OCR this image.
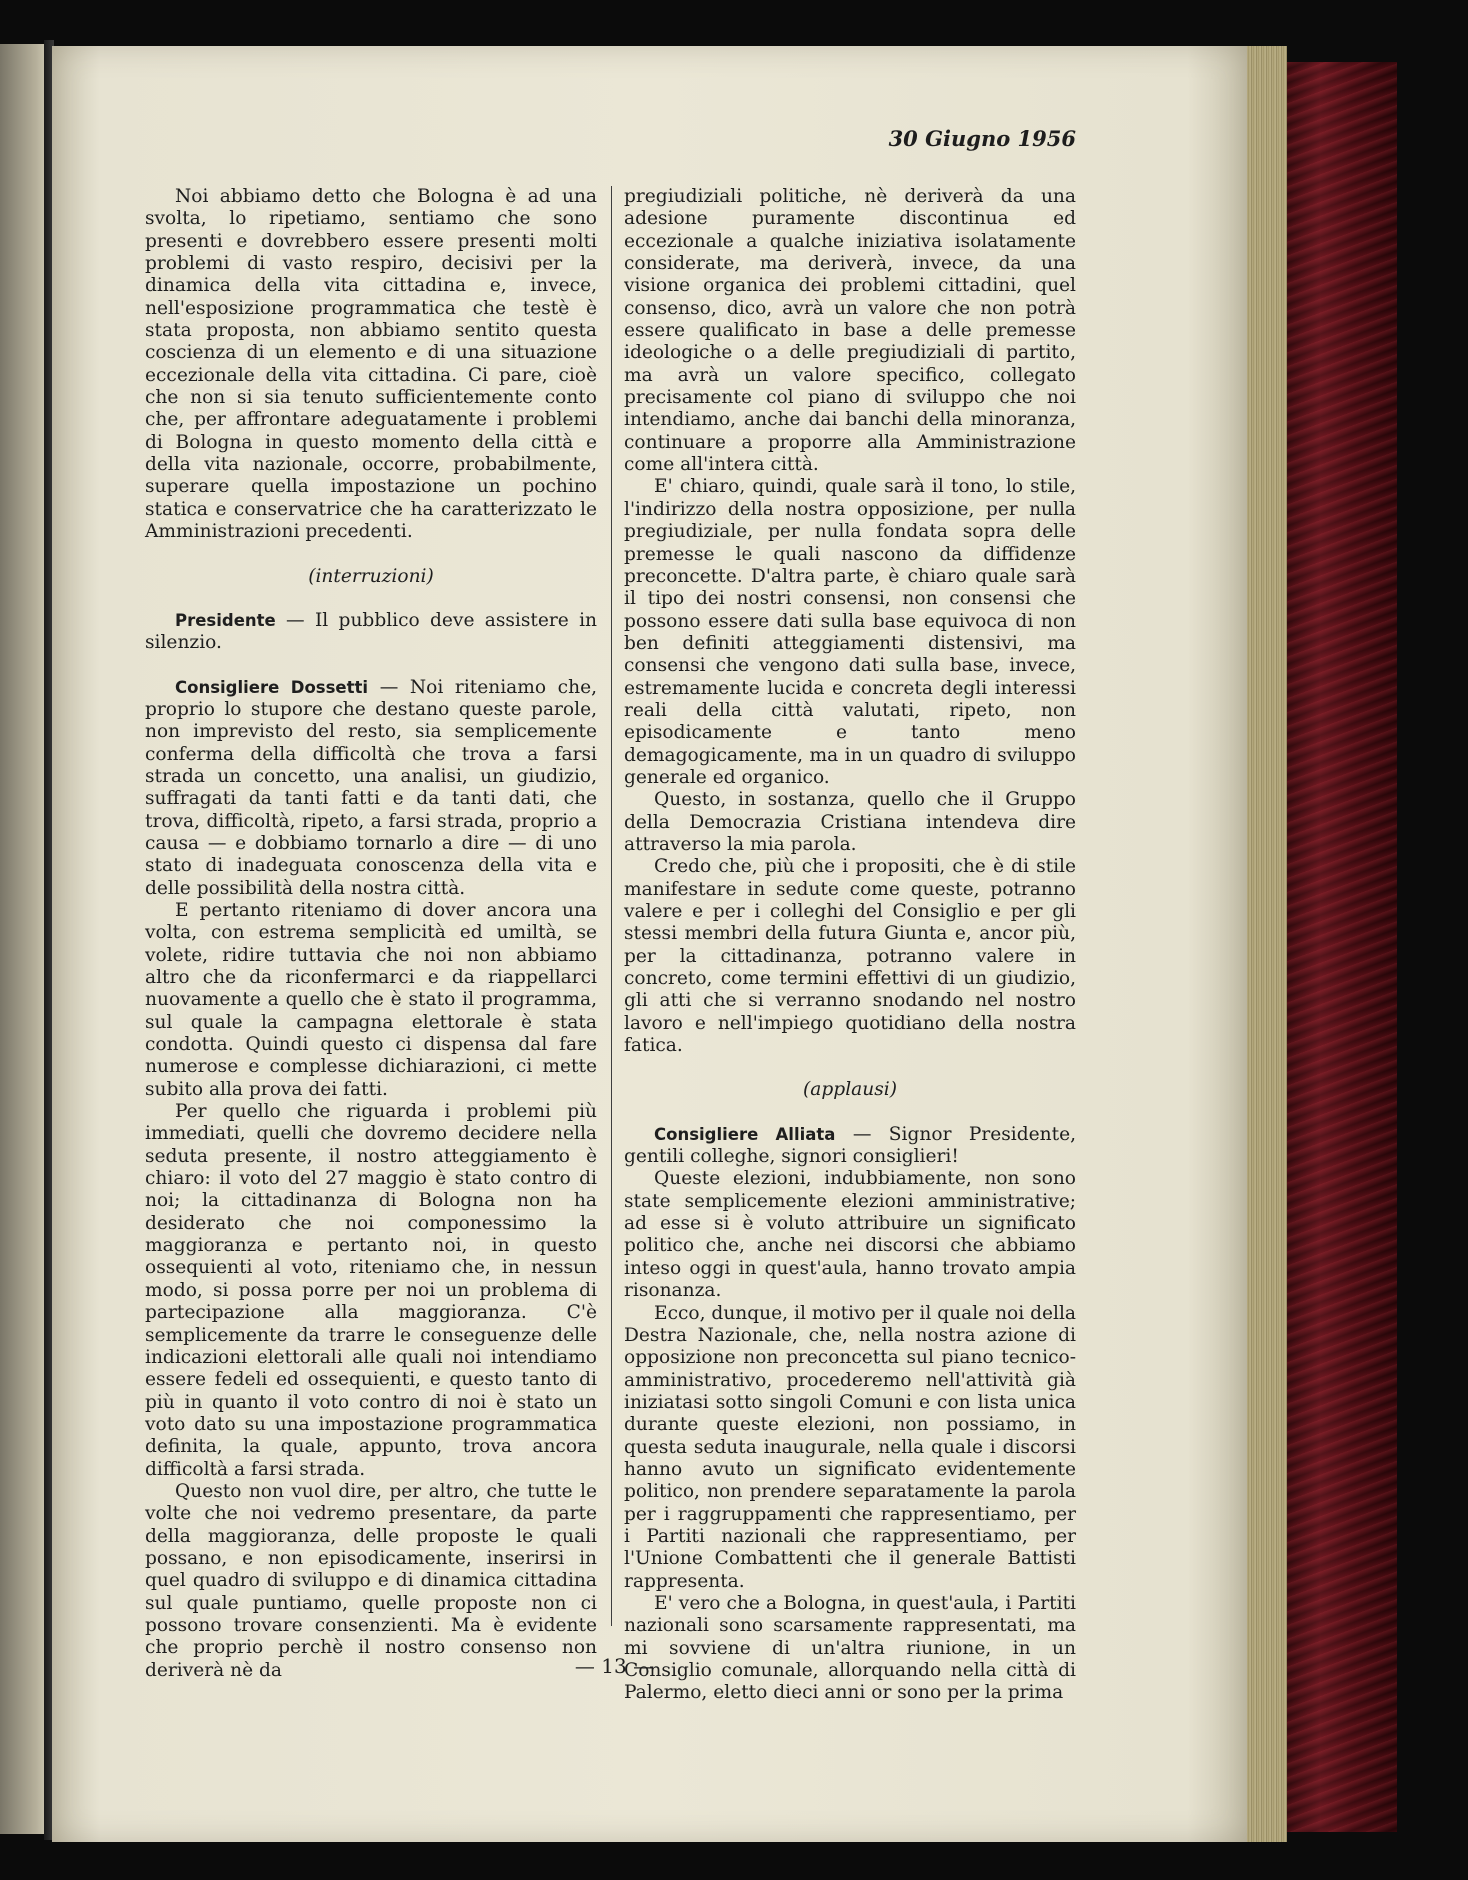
30 Giugno 1956

Noi abbiamo detto che Bologna è ad una svolta, lo ripetiamo, sentiamo che sono presenti e dovrebbero essere presenti molti problemi di vasto respiro, decisivi per la dinamica della vita cittadina e, invece, nell'esposizione programmatica che testè è stata proposta, non abbiamo sentito questa coscienza di un elemento e di una situazione eccezionale della vita cittadina. Ci pare, cioè che non si sia tenuto sufficientemente conto che, per affrontare adeguatamente i problemi di Bologna in questo momento della città e della vita nazionale, occorre, probabilmente, superare quella impostazione un pochino statica e conservatrice che ha caratterizzato le Amministrazioni precedenti.

(interruzioni)

Presidente — Il pubblico deve assistere in silenzio.

Consigliere Dossetti — Noi riteniamo che, proprio lo stupore che destano queste parole, non imprevisto del resto, sia semplicemente conferma della difficoltà che trova a farsi strada un concetto, una analisi, un giudizio, suffragati da tanti fatti e da tanti dati, che trova, difficoltà, ripeto, a farsi strada, proprio a causa — e dobbiamo tornarlo a dire — di uno stato di inadeguata conoscenza della vita e delle possibilità della nostra città.

E pertanto riteniamo di dover ancora una volta, con estrema semplicità ed umiltà, se volete, ridire tuttavia che noi non abbiamo altro che da riconfermarci e da riappellarci nuovamente a quello che è stato il programma, sul quale la campagna elettorale è stata condotta. Quindi questo ci dispensa dal fare numerose e complesse dichiarazioni, ci mette subito alla prova dei fatti.

Per quello che riguarda i problemi più immediati, quelli che dovremo decidere nella seduta presente, il nostro atteggiamento è chiaro: il voto del 27 maggio è stato contro di noi; la cittadinanza di Bologna non ha desiderato che noi componessimo la maggioranza e pertanto noi, in questo ossequienti al voto, riteniamo che, in nessun modo, si possa porre per noi un problema di partecipazione alla maggioranza. C'è semplicemente da trarre le conseguenze delle indicazioni elettorali alle quali noi intendiamo essere fedeli ed ossequienti, e questo tanto di più in quanto il voto contro di noi è stato un voto dato su una impostazione programmatica definita, la quale, appunto, trova ancora difficoltà a farsi strada.

Questo non vuol dire, per altro, che tutte le volte che noi vedremo presentare, da parte della maggioranza, delle proposte le quali possano, e non episodicamente, inserirsi in quel quadro di sviluppo e di dinamica cittadina sul quale puntiamo, quelle proposte non ci possono trovare consenzienti. Ma è evidente che proprio perchè il nostro consenso non deriverà nè da

pregiudiziali politiche, nè deriverà da una adesione puramente discontinua ed eccezionale a qualche iniziativa isolatamente considerate, ma deriverà, invece, da una visione organica dei problemi cittadini, quel consenso, dico, avrà un valore che non potrà essere qualificato in base a delle premesse ideologiche o a delle pregiudiziali di partito, ma avrà un valore specifico, collegato precisamente col piano di sviluppo che noi intendiamo, anche dai banchi della minoranza, continuare a proporre alla Amministrazione come all'intera città.

E' chiaro, quindi, quale sarà il tono, lo stile, l'indirizzo della nostra opposizione, per nulla pregiudiziale, per nulla fondata sopra delle premesse le quali nascono da diffidenze preconcette. D'altra parte, è chiaro quale sarà il tipo dei nostri consensi, non consensi che possono essere dati sulla base equivoca di non ben definiti atteggiamenti distensivi, ma consensi che vengono dati sulla base, invece, estremamente lucida e concreta degli interessi reali della città valutati, ripeto, non episodicamente e tanto meno demagogicamente, ma in un quadro di sviluppo generale ed organico.

Questo, in sostanza, quello che il Gruppo della Democrazia Cristiana intendeva dire attraverso la mia parola.

Credo che, più che i propositi, che è di stile manifestare in sedute come queste, potranno valere e per i colleghi del Consiglio e per gli stessi membri della futura Giunta e, ancor più, per la cittadinanza, potranno valere in concreto, come termini effettivi di un giudizio, gli atti che si verranno snodando nel nostro lavoro e nell'impiego quotidiano della nostra fatica.

(applausi)

Consigliere Alliata — Signor Presidente, gentili colleghe, signori consiglieri!

Queste elezioni, indubbiamente, non sono state semplicemente elezioni amministrative; ad esse si è voluto attribuire un significato politico che, anche nei discorsi che abbiamo inteso oggi in quest'aula, hanno trovato ampia risonanza.

Ecco, dunque, il motivo per il quale noi della Destra Nazionale, che, nella nostra azione di opposizione non preconcetta sul piano tecnico-amministrativo, procederemo nell'attività già iniziatasi sotto singoli Comuni e con lista unica durante queste elezioni, non possiamo, in questa seduta inaugurale, nella quale i discorsi hanno avuto un significato evidentemente politico, non prendere separatamente la parola per i raggruppamenti che rappresentiamo, per i Partiti nazionali che rappresentiamo, per l'Unione Combattenti che il generale Battisti rappresenta.

E' vero che a Bologna, in quest'aula, i Partiti nazionali sono scarsamente rappresentati, ma mi sovviene di un'altra riunione, in un Consiglio comunale, allorquando nella città di Palermo, eletto dieci anni or sono per la prima

— 13 —
